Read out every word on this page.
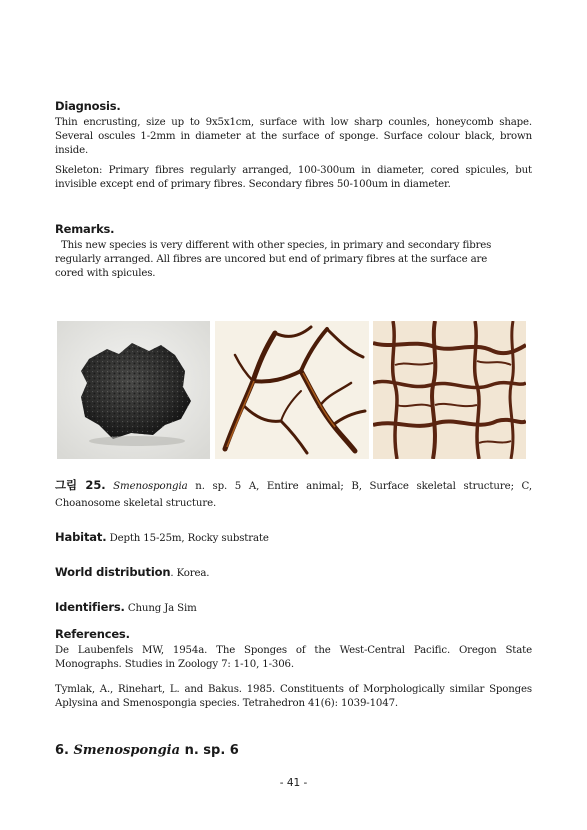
Diagnosis.

Thin encrusting, size up to 9x5x1cm, surface with low sharp counles, honeycomb shape. Several oscules 1-2mm in diameter at the surface of sponge. Surface colour black, brown inside.

Skeleton: Primary fibres regularly arranged, 100-300um in diameter, cored spicules, but invisible except end of primary fibres. Secondary fibres 50-100um in diameter.

Remarks.

This new species is very different with other species, in primary and secondary fibres regularly arranged. All fibres are uncored but end of primary fibres at the surface are cored with spicules.

그림 25. Smenospongia n. sp. 5 A, Entire animal; B, Surface skeletal structure; C, Choanosome skeletal structure.
Habitat. Depth 15-25m, Rocky substrate
World distribution. Korea.
Identifiers. Chung Ja Sim
References.

De Laubenfels MW, 1954a. The Sponges of the West-Central Pacific. Oregon State Monographs. Studies in Zoology 7: 1-10, 1-306.

Tymlak, A., Rinehart, L. and Bakus. 1985. Constituents of Morphologically similar Sponges Aplysina and Smenospongia species. Tetrahedron 41(6): 1039-1047.

6. Smenospongia n. sp. 6
- 41 -
